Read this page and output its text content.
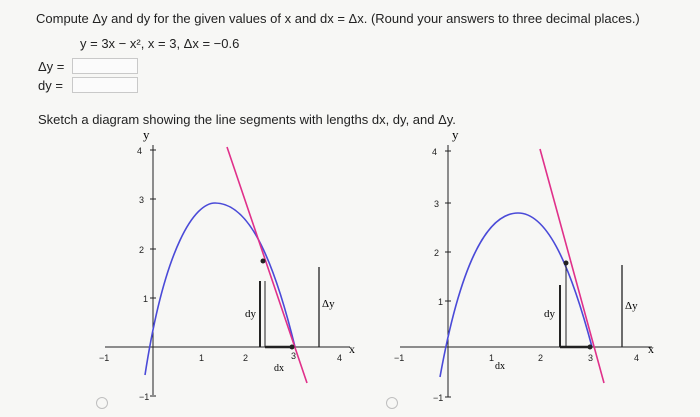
Compute Δy and dy for the given values of x and dx = Δx. (Round your answers to three decimal places.)
y = 3x − x², x = 3, Δx = −0.6
Δy =
dy =
Sketch a diagram showing the line segments with lengths dx, dy, and Δy.
y
x
4
3
2
1
−1
−1	1	2	3	4
dy
Δy
dx
y
x
4
3
2
1
−1
−1	1	2	3	4
dy
Δy
dx
